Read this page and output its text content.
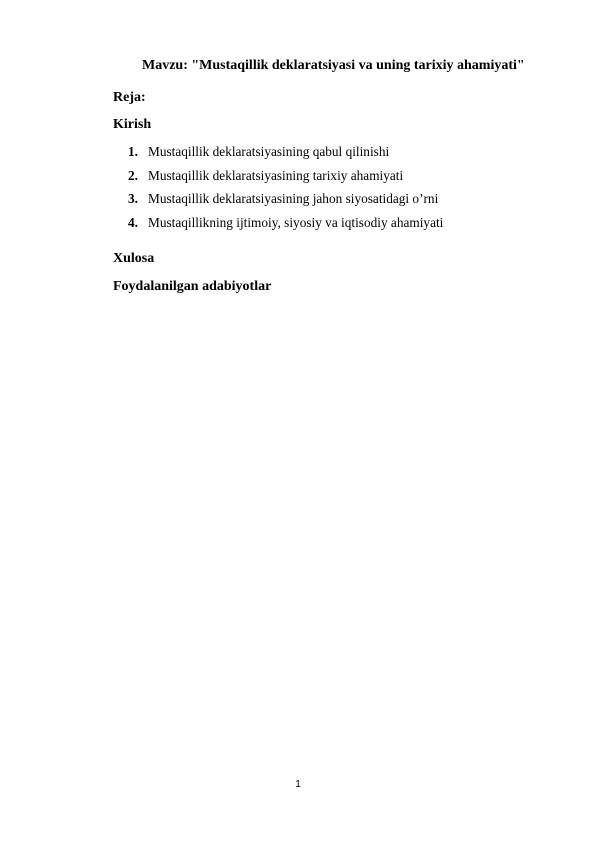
Mavzu: "Mustaqillik deklaratsiyasi va uning tarixiy ahamiyati"
Reja:
Kirish
1. Mustaqillik deklaratsiyasining qabul qilinishi
2. Mustaqillik deklaratsiyasining tarixiy ahamiyati
3. Mustaqillik deklaratsiyasining jahon siyosatidagi o’rni
4. Mustaqillikning ijtimoiy, siyosiy va iqtisodiy ahamiyati
Xulosa
Foydalanilgan adabiyotlar
1
